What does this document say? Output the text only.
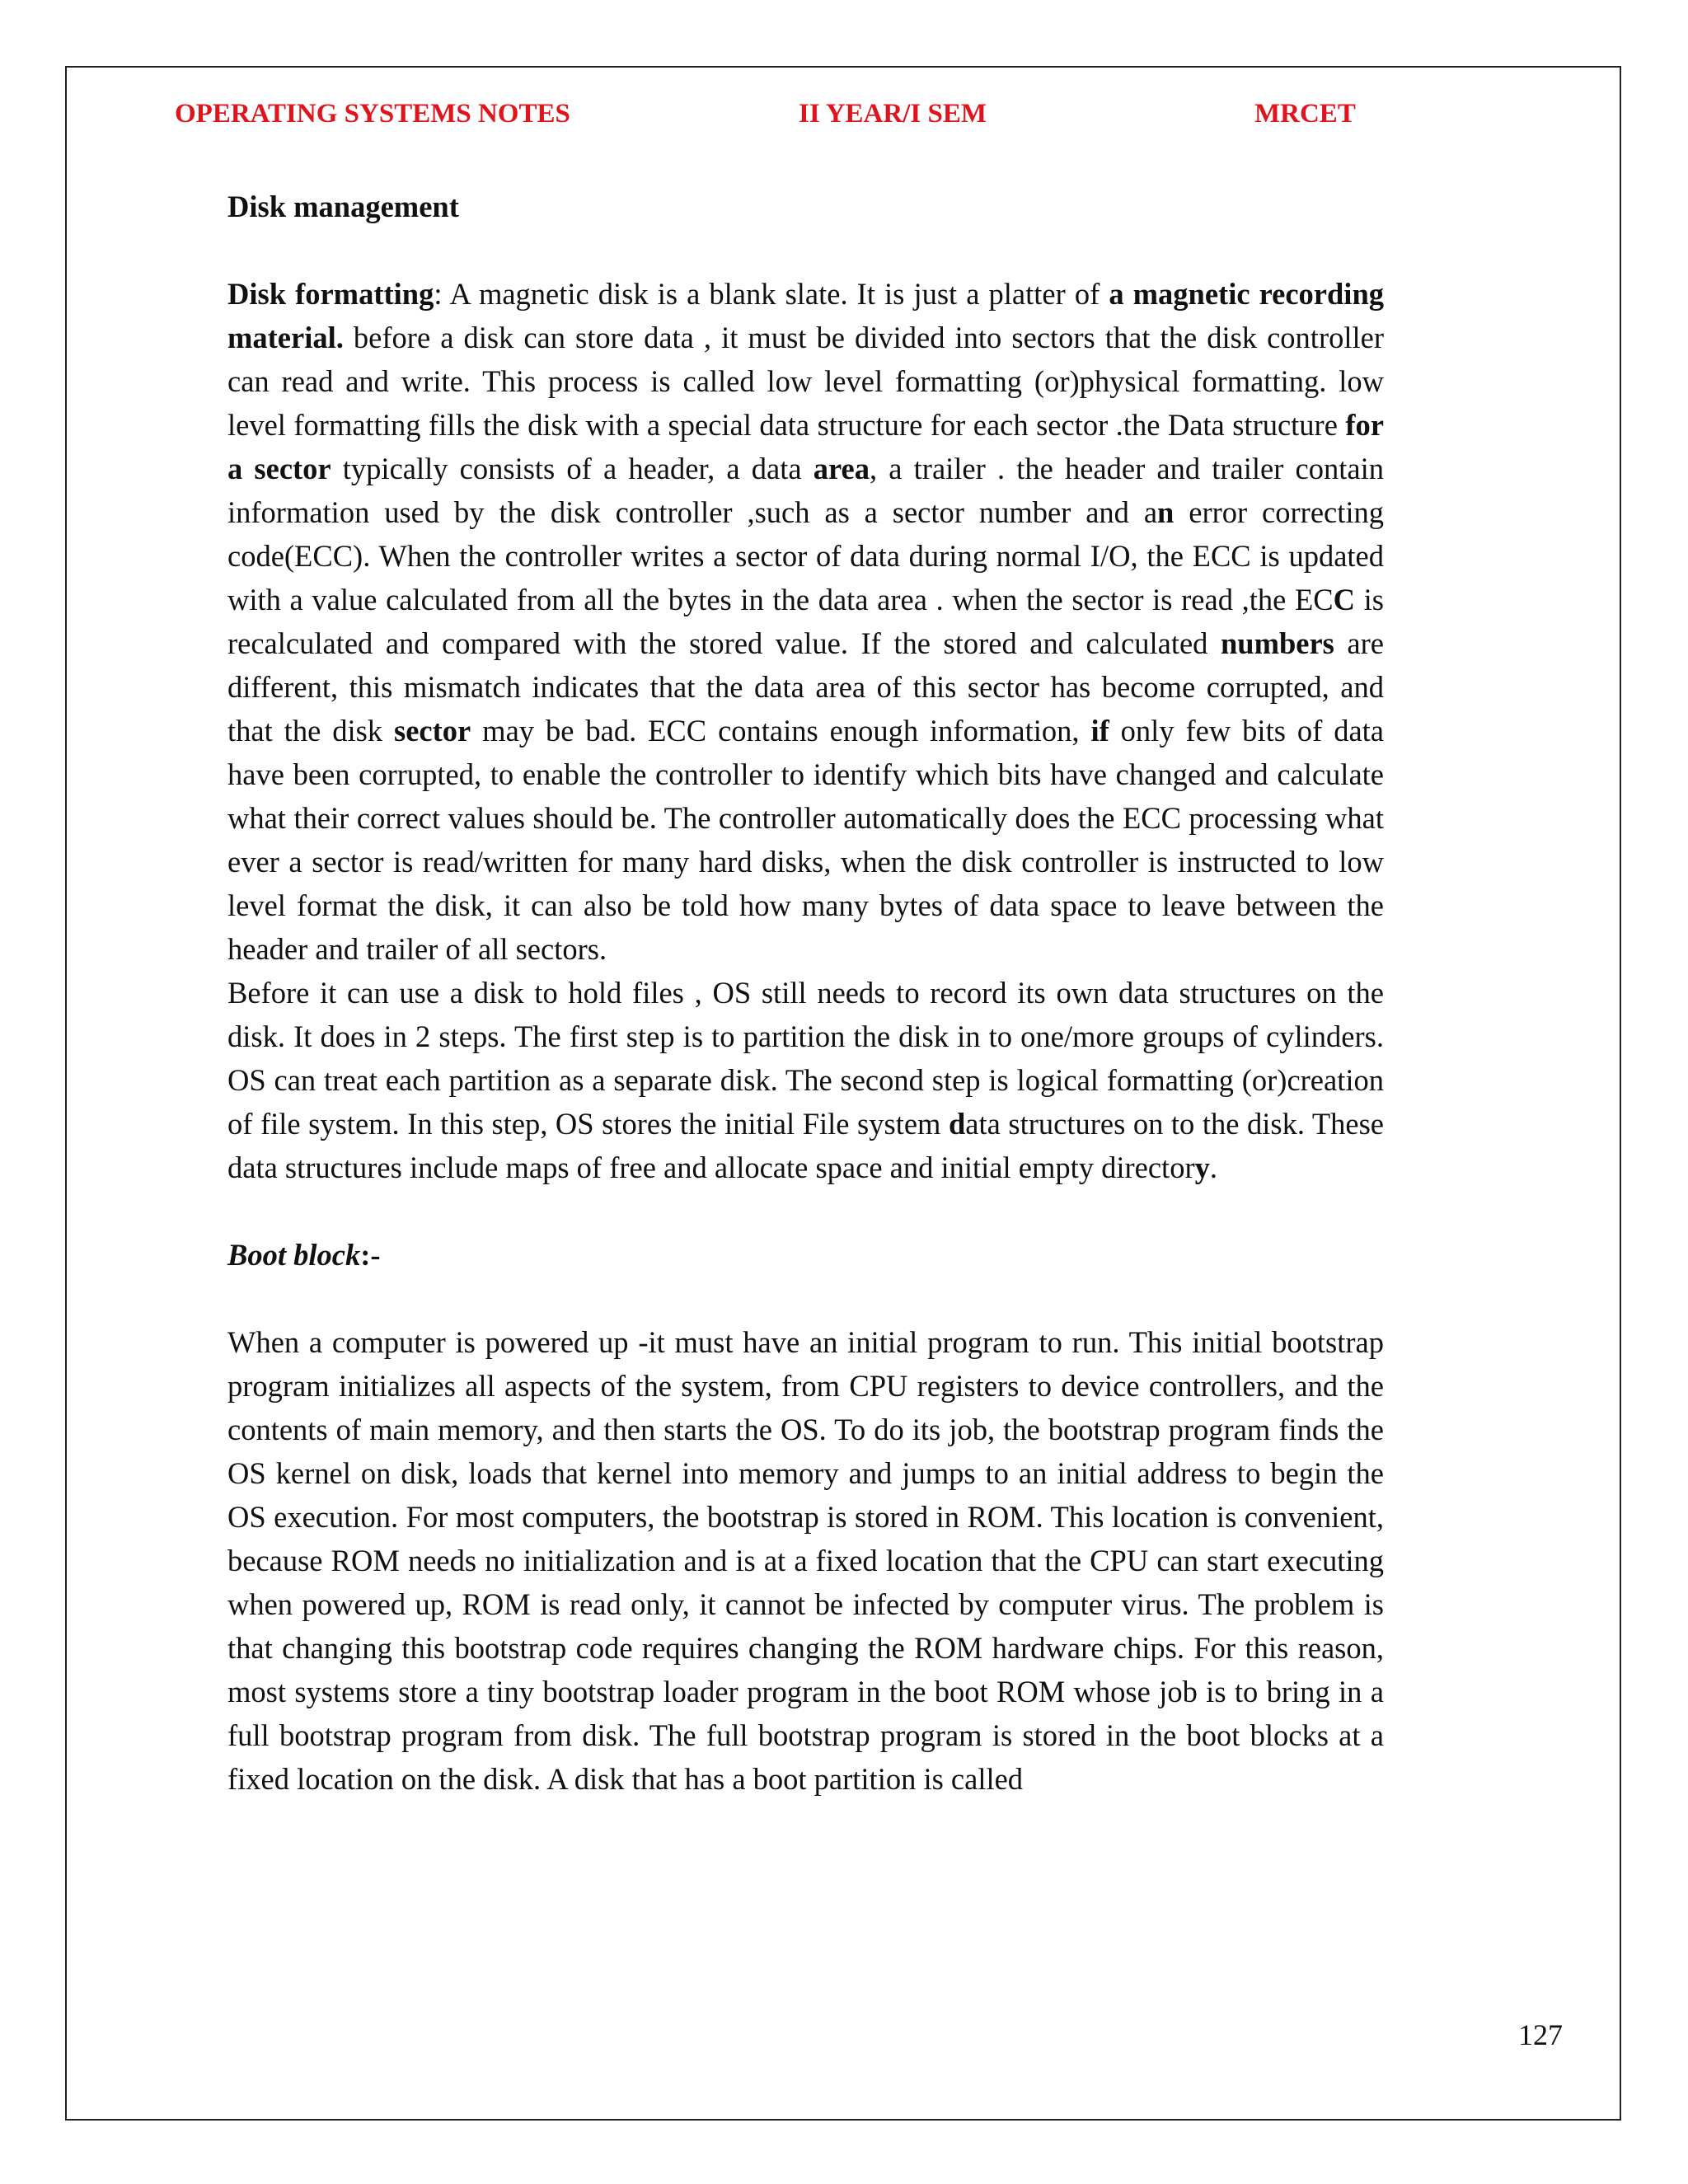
OPERATING SYSTEMS NOTES	II YEAR/I SEM	MRCET

Disk management

Disk formatting: A magnetic disk is a blank slate. It is just a platter of a magnetic recording material. before a disk can store data , it must be divided into sectors that the disk controller can read and write. This process is called low level formatting (or)physical formatting. low level formatting fills the disk with a special data structure for each sector .the Data structure for a sector typically consists of a header, a data area, a trailer . the header and trailer contain information used by the disk controller ,such as a sector number and an error correcting code(ECC). When the controller writes a sector of data during normal I/O, the ECC is updated with a value calculated from all the bytes in the data area . when the sector is read ,the ECC is recalculated and compared with the stored value. If the stored and calculated numbers are different, this mismatch indicates that the data area of this sector has become corrupted, and that the disk sector may be bad. ECC contains enough information, if only few bits of data have been corrupted, to enable the controller to identify which bits have changed and calculate what their correct values should be. The controller automatically does the ECC processing what ever a sector is read/written for many hard disks, when the disk controller is instructed to low level format the disk, it can also be told how many bytes of data space to leave between the header and trailer of all sectors.

Before it can use a disk to hold files , OS still needs to record its own data structures on the disk. It does in 2 steps. The first step is to partition the disk in to one/more groups of cylinders. OS can treat each partition as a separate disk. The second step is logical formatting (or)creation of file system. In this step, OS stores the initial File system data structures on to the disk. These data structures include maps of free and allocate space and initial empty directory.

Boot block:-

When a computer is powered up -it must have an initial program to run. This initial bootstrap program initializes all aspects of the system, from CPU registers to device controllers, and the contents of main memory, and then starts the OS. To do its job, the bootstrap program finds the OS kernel on disk, loads that kernel into memory and jumps to an initial address to begin the OS execution. For most computers, the bootstrap is stored in ROM. This location is convenient, because ROM needs no initialization and is at a fixed location that the CPU can start executing when powered up, ROM is read only, it cannot be infected by computer virus. The problem is that changing this bootstrap code requires changing the ROM hardware chips. For this reason, most systems store a tiny bootstrap loader program in the boot ROM whose job is to bring in a full bootstrap program from disk. The full bootstrap program is stored in the boot blocks at a fixed location on the disk. A disk that has a boot partition is called

127
